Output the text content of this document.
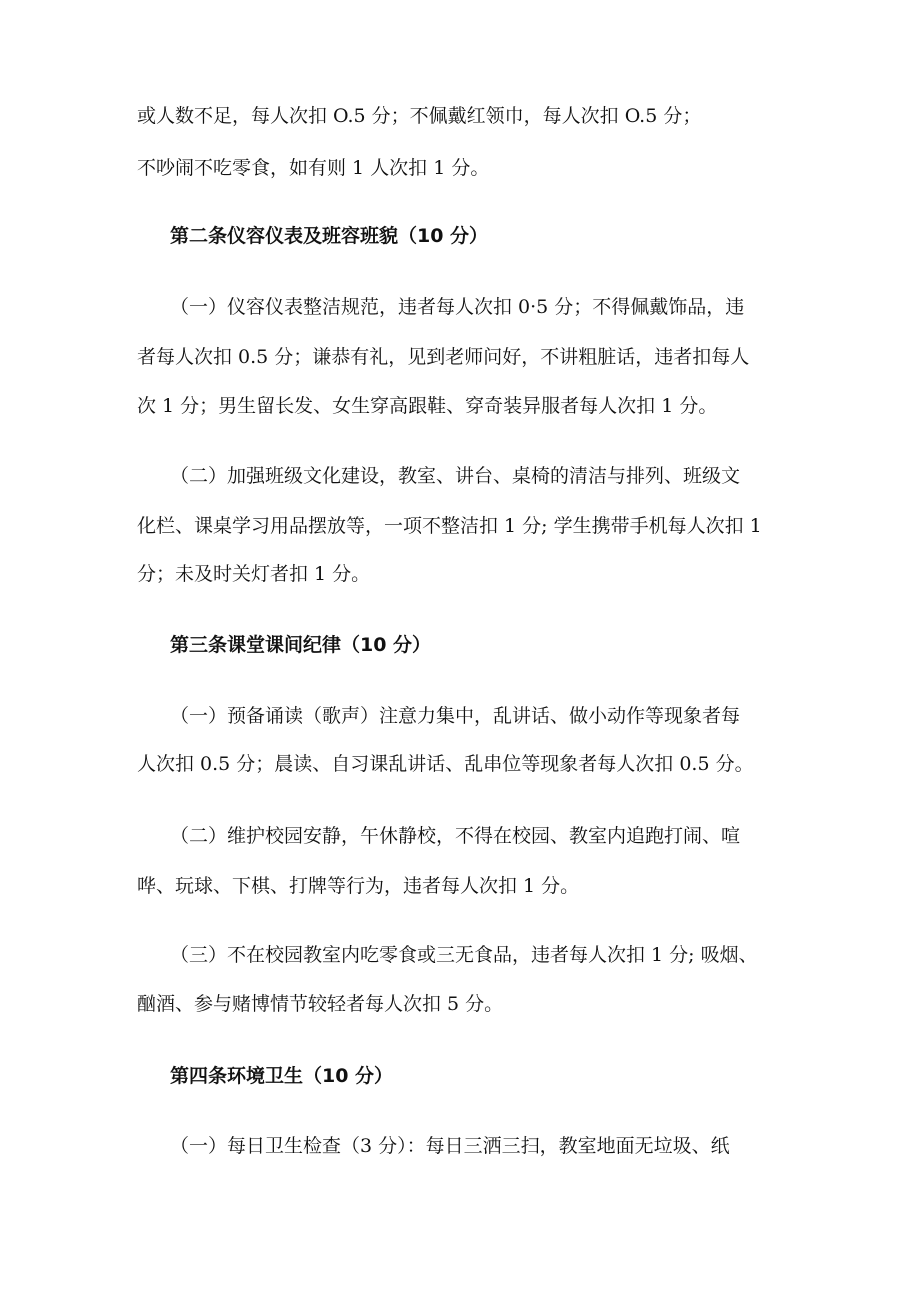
或人数不足，每人次扣 O.5 分；不佩戴红领巾，每人次扣 O.5 分；
不吵闹不吃零食，如有则 1 人次扣 1 分。
第二条仪容仪表及班容班貌（10 分）
（一）仪容仪表整洁规范，违者每人次扣 0·5 分；不得佩戴饰品，违
者每人次扣 0.5 分；谦恭有礼，见到老师问好，不讲粗脏话，违者扣每人
次 1 分；男生留长发、女生穿高跟鞋、穿奇装异服者每人次扣 1 分。
（二）加强班级文化建设，教室、讲台、桌椅的清洁与排列、班级文
化栏、课桌学习用品摆放等，一项不整洁扣 1 分; 学生携带手机每人次扣 1
分；未及时关灯者扣 1 分。
第三条课堂课间纪律（10 分）
（一）预备诵读（歌声）注意力集中，乱讲话、做小动作等现象者每
人次扣 0.5 分；晨读、自习课乱讲话、乱串位等现象者每人次扣 0.5 分。
（二）维护校园安静，午休静校，不得在校园、教室内追跑打闹、喧
哗、玩球、下棋、打牌等行为，违者每人次扣 1 分。
（三）不在校园教室内吃零食或三无食品，违者每人次扣 1 分; 吸烟、
酗酒、参与赌博情节较轻者每人次扣 5 分。
第四条环境卫生（10 分）
（一）每日卫生检查（3 分）：每日三洒三扫，教室地面无垃圾、纸
